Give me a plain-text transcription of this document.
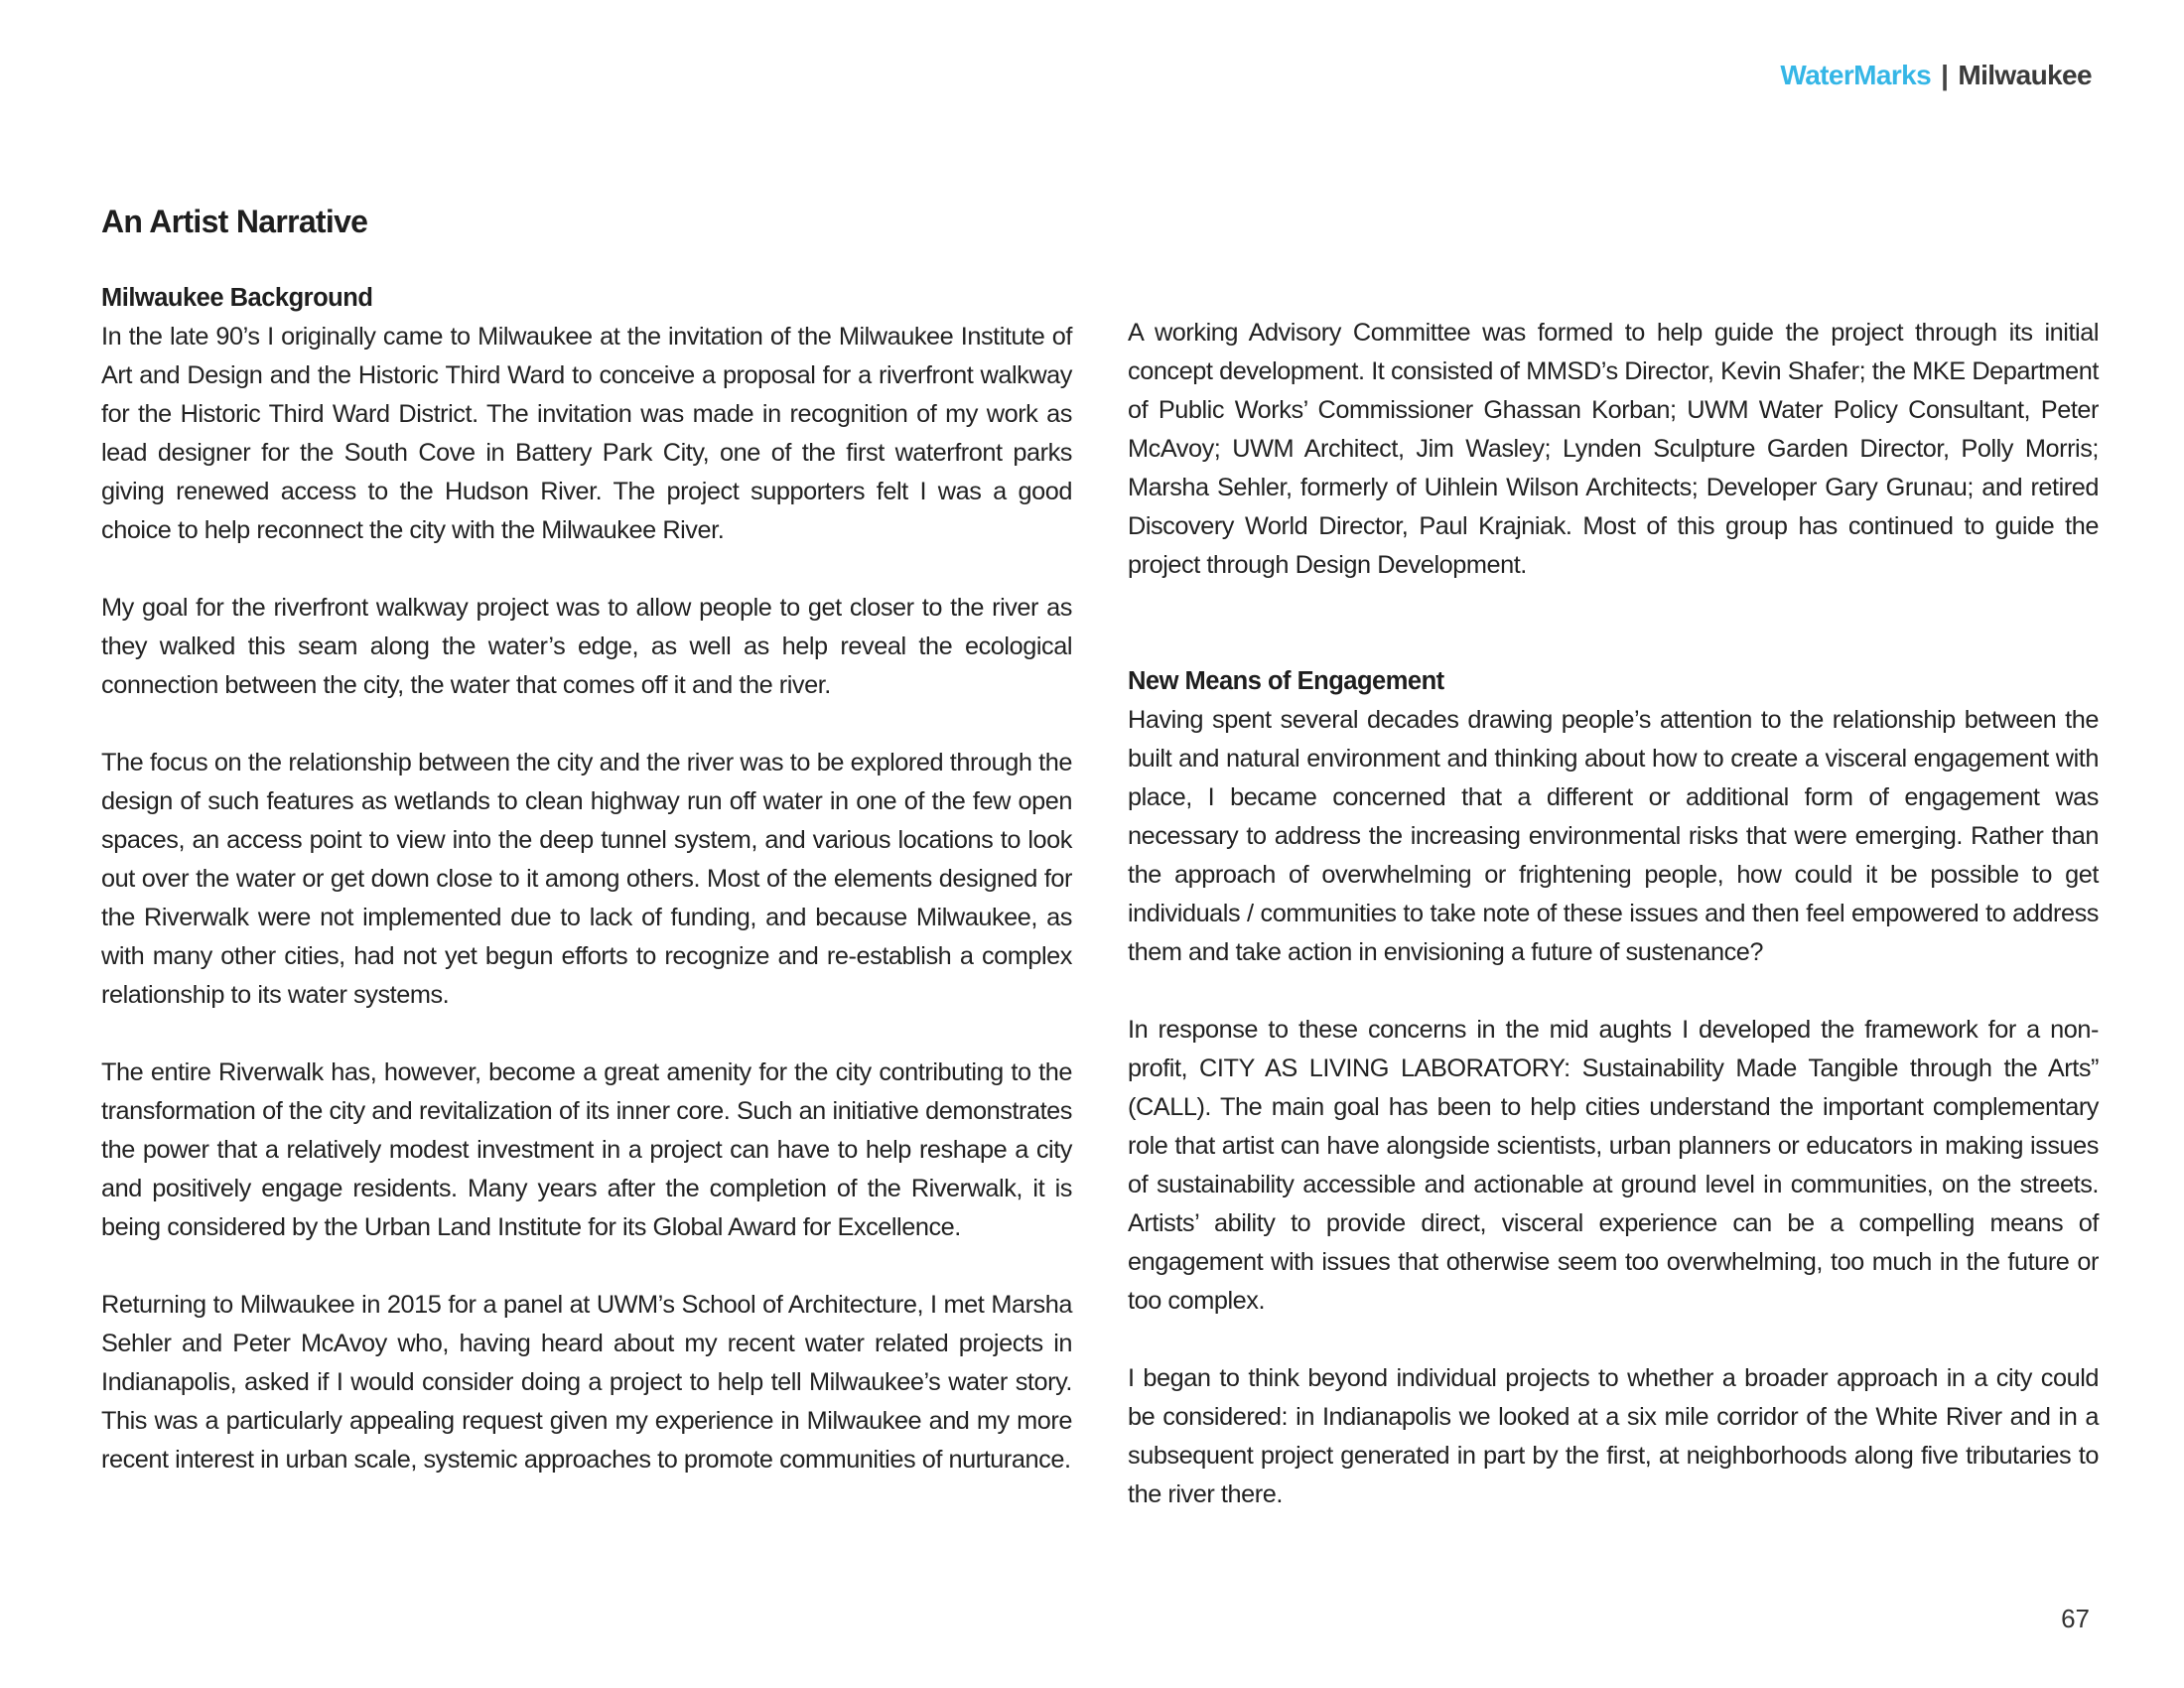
WaterMarks | Milwaukee
An Artist Narrative
Milwaukee Background

In the late 90’s I originally came to Milwaukee at the invitation of the Milwaukee Institute of Art and Design and the Historic Third Ward to conceive a proposal for a riverfront walkway for the Historic Third Ward District. The invitation was made in recognition of my work as lead designer for the South Cove in Battery Park City, one of the first waterfront parks giving renewed access to the Hudson River. The project supporters felt I was a good choice to help reconnect the city with the Milwaukee River.

My goal for the riverfront walkway project was to allow people to get closer to the river as they walked this seam along the water’s edge, as well as help reveal the ecological connection between the city, the water that comes off it and the river.

The focus on the relationship between the city and the river was to be explored through the design of such features as wetlands to clean highway run off water in one of the few open spaces, an access point to view into the deep tunnel system, and various locations to look out over the water or get down close to it among others. Most of the elements designed for the Riverwalk were not implemented due to lack of funding, and because Milwaukee, as with many other cities, had not yet begun efforts to recognize and re-establish a complex relationship to its water systems.

The entire Riverwalk has, however, become a great amenity for the city contributing to the transformation of the city and revitalization of its inner core. Such an initiative demonstrates the power that a relatively modest investment in a project can have to help reshape a city and positively engage residents. Many years after the completion of the Riverwalk, it is being considered by the Urban Land Institute for its Global Award for Excellence.

Returning to Milwaukee in 2015 for a panel at UWM’s School of Architecture, I met Marsha Sehler and Peter McAvoy who, having heard about my recent water related projects in Indianapolis, asked if I would consider doing a project to help tell Milwaukee’s water story. This was a particularly appealing request given my experience in Milwaukee and my more recent interest in urban scale, systemic approaches to promote communities of nurturance.

A working Advisory Committee was formed to help guide the project through its initial concept development. It consisted of MMSD’s Director, Kevin Shafer; the MKE Department of Public Works’ Commissioner Ghassan Korban; UWM Water Policy Consultant, Peter McAvoy; UWM Architect, Jim Wasley; Lynden Sculpture Garden Director, Polly Morris; Marsha Sehler, formerly of Uihlein Wilson Architects; Developer Gary Grunau; and retired Discovery World Director, Paul Krajniak. Most of this group has continued to guide the project through Design Development.

New Means of Engagement

Having spent several decades drawing people’s attention to the relationship between the built and natural environment and thinking about how to create a visceral engagement with place, I became concerned that a different or additional form of engagement was necessary to address the increasing environmental risks that were emerging. Rather than the approach of overwhelming or frightening people, how could it be possible to get individuals / communities to take note of these issues and then feel empowered to address them and take action in envisioning a future of sustenance?

In response to these concerns in the mid aughts I developed the framework for a non-profit, CITY AS LIVING LABORATORY: Sustainability Made Tangible through the Arts” (CALL). The main goal has been to help cities understand the important complementary role that artist can have alongside scientists, urban planners or educators in making issues of sustainability accessible and actionable at ground level in communities, on the streets. Artists’ ability to provide direct, visceral experience can be a compelling means of engagement with issues that otherwise seem too overwhelming, too much in the future or too complex.

I began to think beyond individual projects to whether a broader approach in a city could be considered: in Indianapolis we looked at a six mile corridor of the White River and in a subsequent project generated in part by the first, at neighborhoods along five tributaries to the river there.

67
